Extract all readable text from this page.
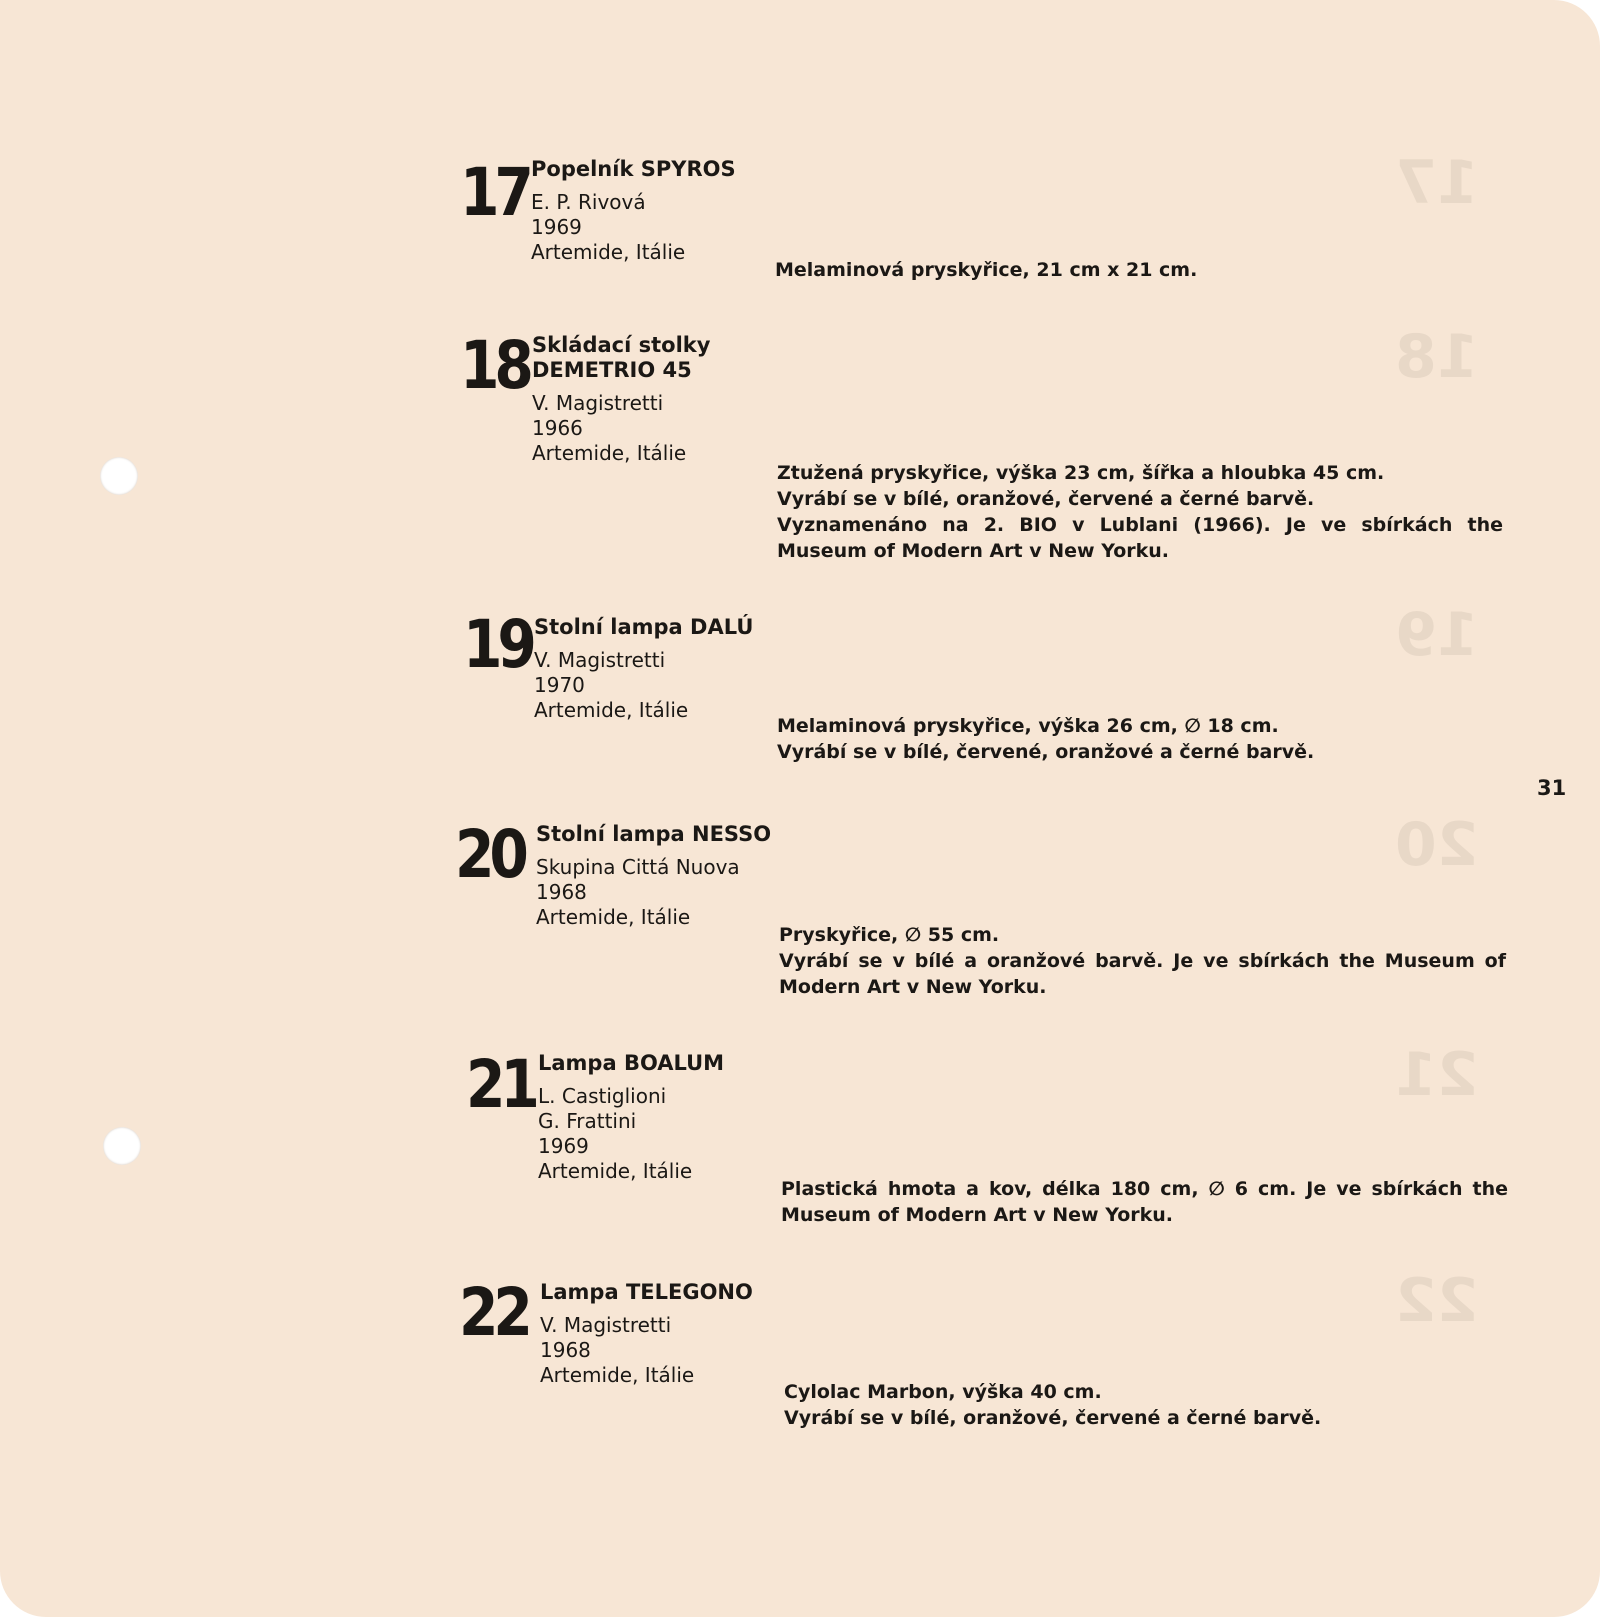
17
18
19
20
21
22
17 Popelník SPYROS
E. P. Rivová
1969
Artemide, Itálie
Melaminová pryskyřice, 21 cm x 21 cm.
18 Skládací stolky
DEMETRIO 45
V. Magistretti
1966
Artemide, Itálie
Ztužená pryskyřice, výška 23 cm, šířka a hloubka 45 cm.
Vyrábí se v bílé, oranžové, červené a černé barvě.
Vyznamenáno na 2. BIO v Lublani (1966). Je ve sbírkách the
Museum of Modern Art v New Yorku.
19 Stolní lampa DALÚ
V. Magistretti
1970
Artemide, Itálie
Melaminová pryskyřice, výška 26 cm, ∅ 18 cm.
Vyrábí se v bílé, červené, oranžové a černé barvě.
31
20 Stolní lampa NESSO
Skupina Cittá Nuova
1968
Artemide, Itálie
Pryskyřice, ∅ 55 cm.
Vyrábí se v bílé a oranžové barvě. Je ve sbírkách the Museum of
Modern Art v New Yorku.
21 Lampa BOALUM
L. Castiglioni
G. Frattini
1969
Artemide, Itálie
Plastická hmota a kov, délka 180 cm, ∅ 6 cm. Je ve sbírkách the
Museum of Modern Art v New Yorku.
22 Lampa TELEGONO
V. Magistretti
1968
Artemide, Itálie
Cylolac Marbon, výška 40 cm.
Vyrábí se v bílé, oranžové, červené a černé barvě.
